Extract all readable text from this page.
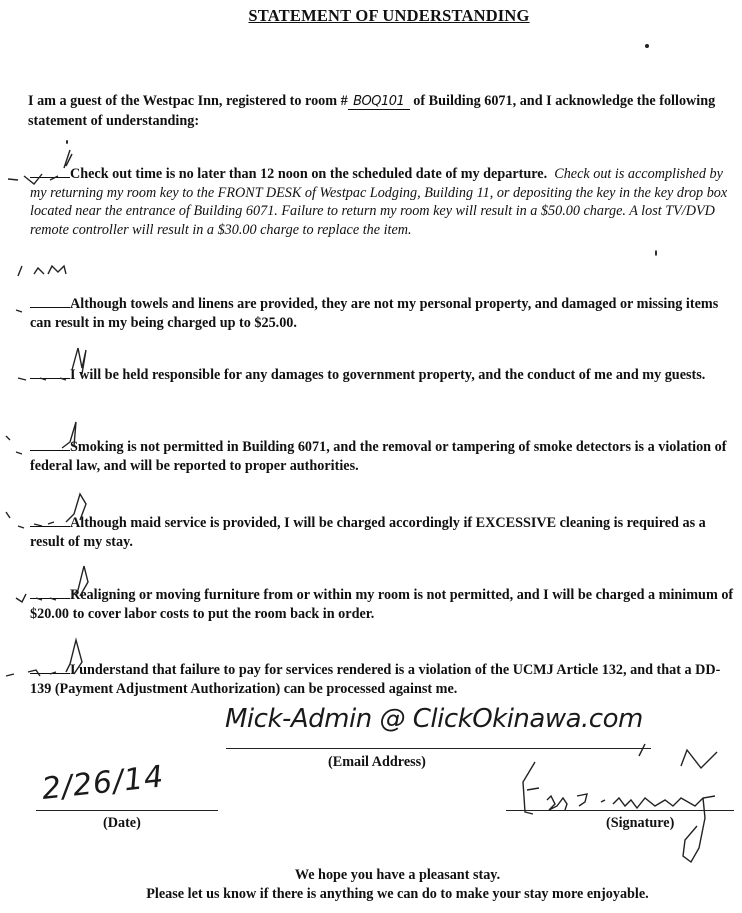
STATEMENT OF UNDERSTANDING
I am a guest of the Westpac Inn, registered to room # BOQ101 of Building 6071, and I acknowledge the following statement of understanding:
Check out time is no later than 12 noon on the scheduled date of my departure. Check out is accomplished by my returning my room key to the FRONT DESK of Westpac Lodging, Building 11, or depositing the key in the key drop box located near the entrance of Building 6071. Failure to return my room key will result in a $50.00 charge. A lost TV/DVD remote controller will result in a $30.00 charge to replace the item.
Although towels and linens are provided, they are not my personal property, and damaged or missing items can result in my being charged up to $25.00.
I will be held responsible for any damages to government property, and the conduct of me and my guests.
Smoking is not permitted in Building 6071, and the removal or tampering of smoke detectors is a violation of federal law, and will be reported to proper authorities.
Although maid service is provided, I will be charged accordingly if EXCESSIVE cleaning is required as a result of my stay.
Realigning or moving furniture from or within my room is not permitted, and I will be charged a minimum of $20.00 to cover labor costs to put the room back in order.
I understand that failure to pay for services rendered is a violation of the UCMJ Article 132, and that a DD-139 (Payment Adjustment Authorization) can be processed against me.
Mick-Admin @ ClickOkinawa.com
(Email Address)
2/26/14
(Date)	(Signature)
We hope you have a pleasant stay.
Please let us know if there is anything we can do to make your stay more enjoyable.
